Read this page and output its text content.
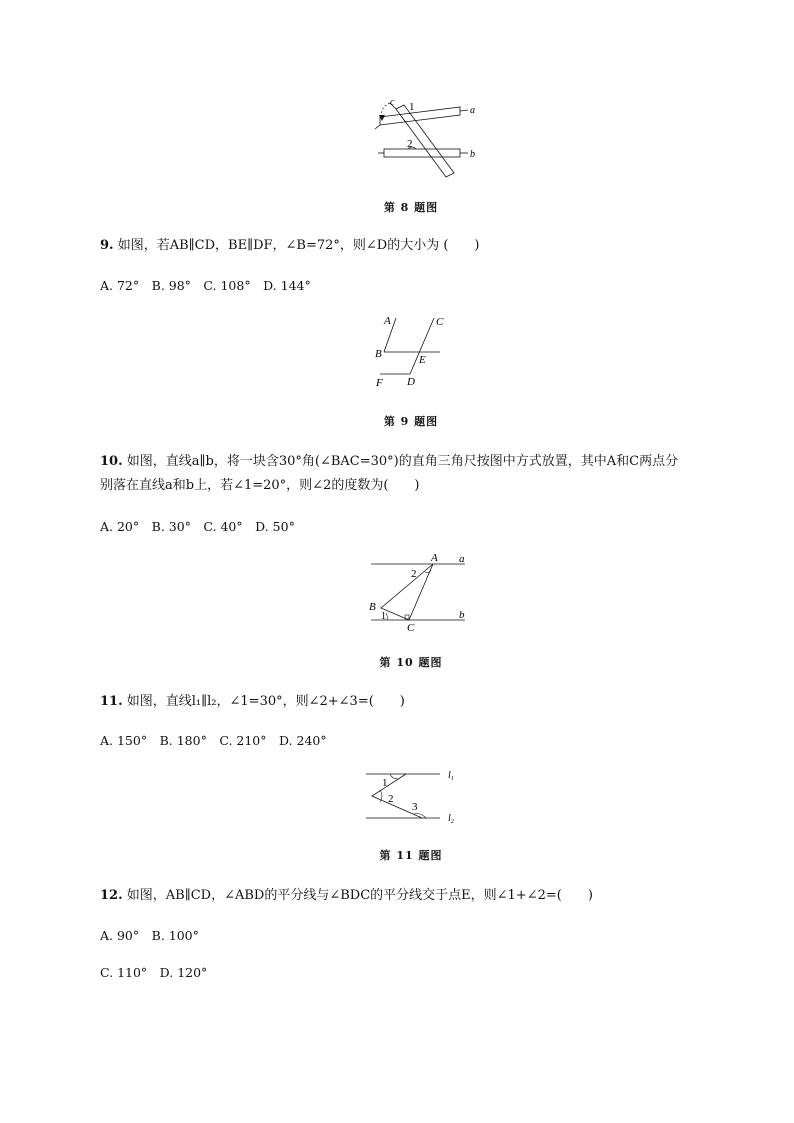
c 1
2
a
b
第 8 题图
9. 如图，若AB∥CD，BE∥DF，∠B=72°，则∠D的大小为 (　　)
A. 72°　B. 98°　C. 108°　D. 144°
A
B
C
E
F D
第 9 题图
10. 如图，直线a∥b，将一块含30°角(∠BAC=30°)的直角三角尺按图中方式放置，其中A和C两点分
别落在直线a和b上，若∠1=20°，则∠2的度数为(　　)
A. 20°　B. 30°　C. 40°　D. 50°
A a
2
B
b
1
C
第 10 题图
11. 如图，直线l₁∥l₂，∠1=30°，则∠2+∠3=(　　)
A. 150°　B. 180°　C. 210°　D. 240°
1
2
3
$l_1$
$l_2$
第 11 题图
12. 如图，AB∥CD，∠ABD的平分线与∠BDC的平分线交于点E，则∠1+∠2=(　　)
A. 90°　B. 100°
C. 110°　D. 120°
